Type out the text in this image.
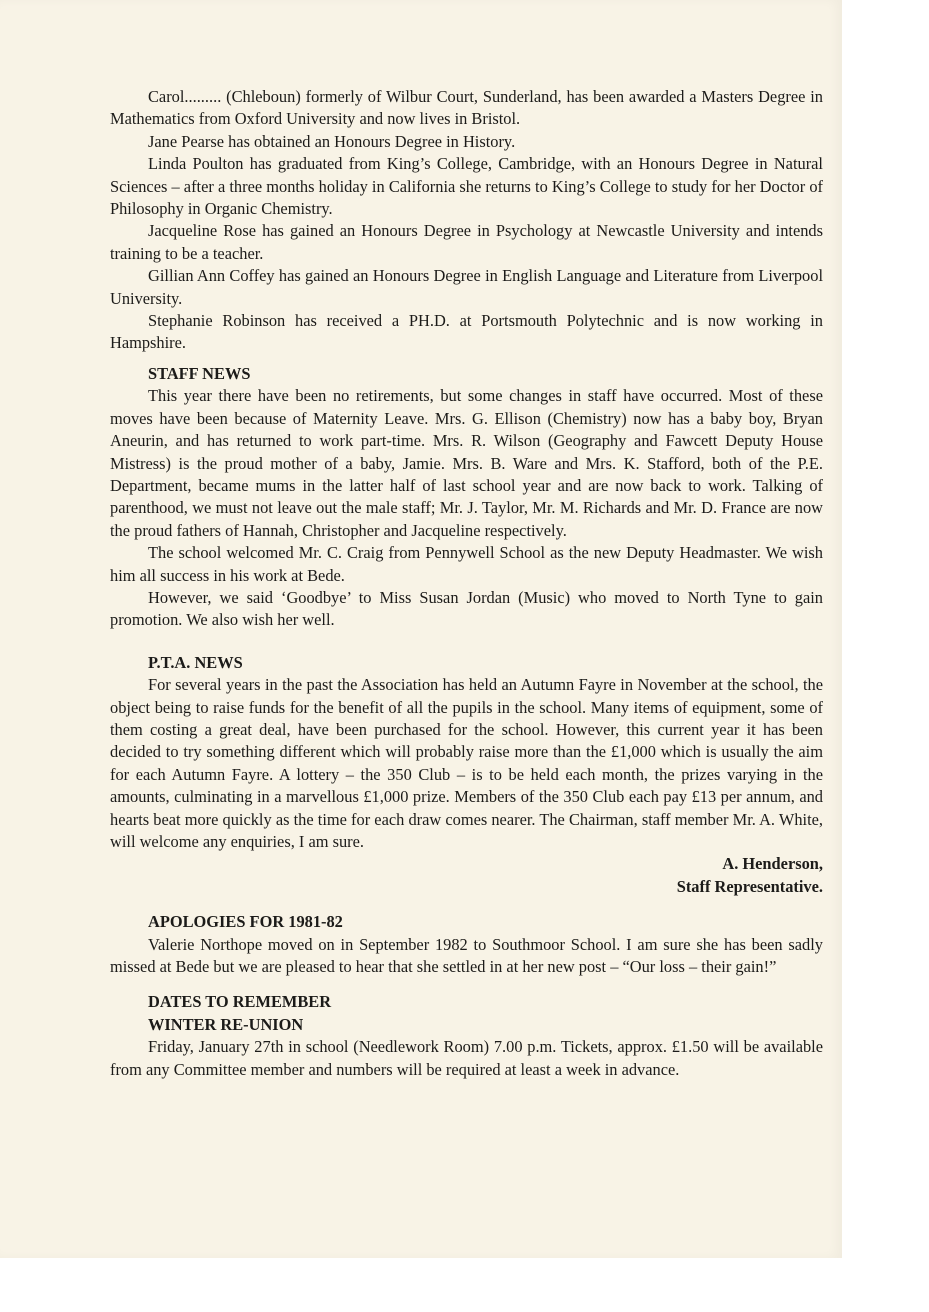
Carol......... (Chleboun) formerly of Wilbur Court, Sunderland, has been awarded a Masters Degree in Mathematics from Oxford University and now lives in Bristol.

Jane Pearse has obtained an Honours Degree in History.

Linda Poulton has graduated from King’s College, Cambridge, with an Honours Degree in Natural Sciences – after a three months holiday in California she returns to King’s College to study for her Doctor of Philosophy in Organic Chemistry.

Jacqueline Rose has gained an Honours Degree in Psychology at Newcastle University and intends training to be a teacher.

Gillian Ann Coffey has gained an Honours Degree in English Language and Literature from Liverpool University.

Stephanie Robinson has received a PH.D. at Portsmouth Polytechnic and is now working in Hampshire.

STAFF NEWS

This year there have been no retirements, but some changes in staff have occurred. Most of these moves have been because of Maternity Leave. Mrs. G. Ellison (Chemistry) now has a baby boy, Bryan Aneurin, and has returned to work part-time. Mrs. R. Wilson (Geography and Fawcett Deputy House Mistress) is the proud mother of a baby, Jamie. Mrs. B. Ware and Mrs. K. Stafford, both of the P.E. Department, became mums in the latter half of last school year and are now back to work. Talking of parenthood, we must not leave out the male staff; Mr. J. Taylor, Mr. M. Richards and Mr. D. France are now the proud fathers of Hannah, Christopher and Jacqueline respectively.

The school welcomed Mr. C. Craig from Pennywell School as the new Deputy Headmaster. We wish him all success in his work at Bede.

However, we said ‘Goodbye’ to Miss Susan Jordan (Music) who moved to North Tyne to gain promotion. We also wish her well.

P.T.A. NEWS

For several years in the past the Association has held an Autumn Fayre in November at the school, the object being to raise funds for the benefit of all the pupils in the school. Many items of equipment, some of them costing a great deal, have been purchased for the school. However, this current year it has been decided to try something different which will probably raise more than the £1,000 which is usually the aim for each Autumn Fayre. A lottery – the 350 Club – is to be held each month, the prizes varying in the amounts, culminating in a marvellous £1,000 prize. Members of the 350 Club each pay £13 per annum, and hearts beat more quickly as the time for each draw comes nearer. The Chairman, staff member Mr. A. White, will welcome any enquiries, I am sure.

A. Henderson,

Staff Representative.

APOLOGIES FOR 1981-82

Valerie Northope moved on in September 1982 to Southmoor School. I am sure she has been sadly missed at Bede but we are pleased to hear that she settled in at her new post – “Our loss – their gain!”

DATES TO REMEMBER

WINTER RE-UNION

Friday, January 27th in school (Needlework Room) 7.00 p.m. Tickets, approx. £1.50 will be available from any Committee member and numbers will be required at least a week in advance.
